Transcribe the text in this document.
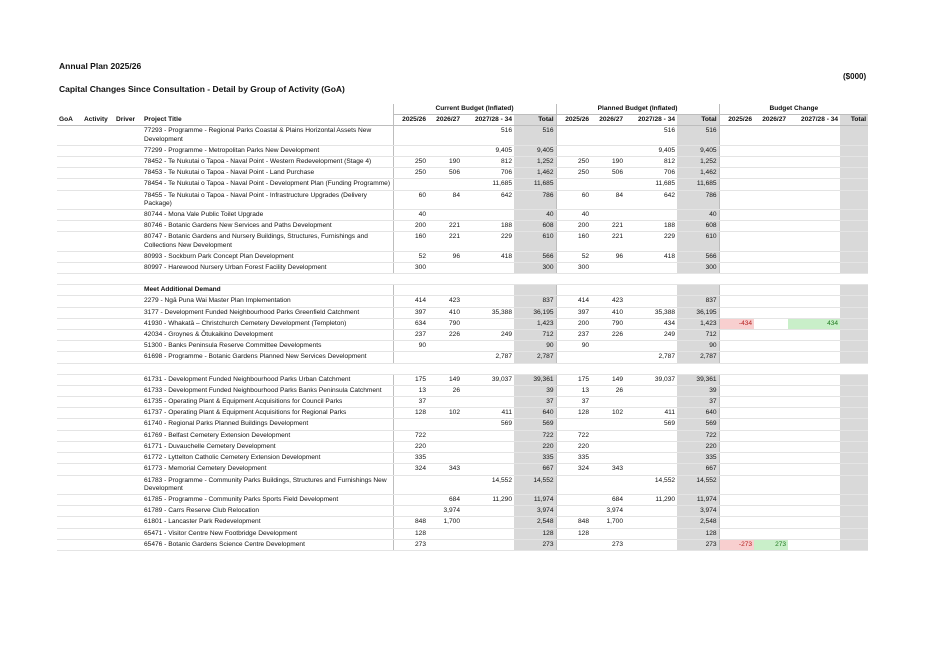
Annual Plan 2025/26
Capital Changes Since Consultation - Detail by Group of Activity (GoA)
($000)
				Current Budget (Inflated)				Planned Budget (Inflated)				Budget Change			
GoA	Activity	Driver	Project Title	2025/26	2026/27	2027/28 - 34	Total	2025/26	2026/27	2027/28 - 34	Total	2025/26	2026/27	2027/28 - 34	Total
			77293 - Programme - Regional Parks Coastal & Plains Horizontal Assets New Development			516	516			516	516				
			77299 - Programme - Metropolitan Parks New Development			9,405	9,405			9,405	9,405				
			78452 - Te Nukutai o Tapoa - Naval Point - Western Redevelopment (Stage 4)	250	190	812	1,252	250	190	812	1,252				
			78453 - Te Nukutai o Tapoa - Naval Point - Land Purchase	250	506	706	1,462	250	506	706	1,462				
			78454 - Te Nukutai o Tapoa - Naval Point - Development Plan (Funding Programme)			11,685	11,685			11,685	11,685				
			78455 - Te Nukutai o Tapoa - Naval Point - Infrastructure Upgrades (Delivery Package)	60	84	642	786	60	84	642	786				
			80744 - Mona Vale Public Toilet Upgrade	40			40	40			40				
			80746 - Botanic Gardens New Services and Paths Development	200	221	188	608	200	221	188	608				
			80747 - Botanic Gardens and Nursery Buildings, Structures, Furnishings and Collections New Development	160	221	229	610	160	221	229	610				
			80993 - Sockburn Park Concept Plan Development	52	96	418	566	52	96	418	566				
			80997 - Harewood Nursery Urban Forest Facility Development	300			300	300			300				

			Meet Additional Demand												
			2279 - Ngā Puna Wai Master Plan Implementation	414	423		837	414	423		837				
			3177 - Development Funded Neighbourhood Parks Greenfield Catchment	397	410	35,388	36,195	397	410	35,388	36,195				
			41930 - Whakatā – Christchurch Cemetery Development (Templeton)	634	790		1,423	200	790	434	1,423	-434		434	
			42034 - Groynes & Ōtukaikino Development	237	226	249	712	237	226	249	712				
			51300 - Banks Peninsula Reserve Committee Developments	90			90	90			90				
			61698 - Programme - Botanic Gardens Planned New Services Development			2,787	2,787			2,787	2,787				

			61731 - Development Funded Neighbourhood Parks Urban Catchment	175	149	39,037	39,361	175	149	39,037	39,361				
			61733 - Development Funded Neighbourhood Parks Banks Peninsula Catchment	13	26		39	13	26		39				
			61735 - Operating Plant & Equipment Acquisitions for Council Parks	37			37	37			37				
			61737 - Operating Plant & Equipment Acquisitions for Regional Parks	128	102	411	640	128	102	411	640				
			61740 - Regional Parks Planned Buildings Development			569	569			569	569				
			61769 - Belfast Cemetery Extension Development	722			722	722			722				
			61771 - Duvauchelle Cemetery Development	220			220	220			220				
			61772 - Lyttelton Catholic Cemetery Extension Development	335			335	335			335				
			61773 - Memorial Cemetery Development	324	343		667	324	343		667				
			61783 - Programme - Community Parks Buildings, Structures and Furnishings New Development			14,552	14,552			14,552	14,552				
			61785 - Programme - Community Parks Sports Field Development		684	11,290	11,974		684	11,290	11,974				
			61789 - Carrs Reserve Club Relocation		3,974		3,974		3,974		3,974				
			61801 - Lancaster Park Redevelopment	848	1,700		2,548	848	1,700		2,548				
			65471 - Visitor Centre New Footbridge Development	128			128	128			128				
			65476 - Botanic Gardens Science Centre Development	273			273		273		273	-273	273		
